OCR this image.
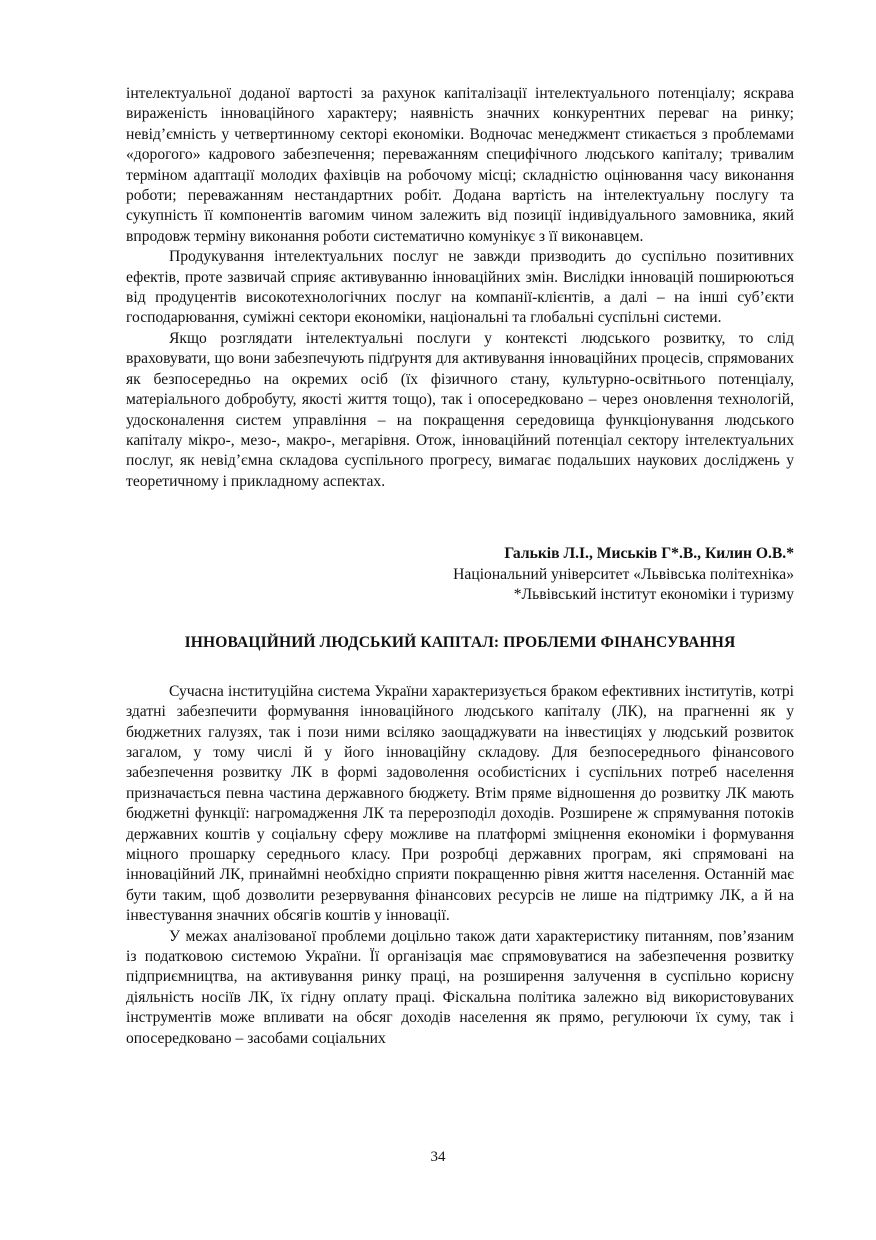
інтелектуальної доданої вартості за рахунок капіталізації інтелектуального потенціалу; яскрава вираженість інноваційного характеру; наявність значних конкурентних переваг на ринку; невід’ємність у четвертинному секторі економіки. Водночас менеджмент стикається з проблемами «дорогого» кадрового забезпечення; переважанням специфічного людського капіталу; тривалим терміном адаптації молодих фахівців на робочому місці; складністю оцінювання часу виконання роботи; переважанням нестандартних робіт. Додана вартість на інтелектуальну послугу та сукупність її компонентів вагомим чином залежить від позиції індивідуального замовника, який впродовж терміну виконання роботи систематично комунікує з її виконавцем.

Продукування інтелектуальних послуг не завжди призводить до суспільно позитивних ефектів, проте зазвичай сприяє активуванню інноваційних змін. Вислідки інновацій поширюються від продуцентів високотехнологічних послуг на компанії-клієнтів, а далі – на інші суб’єкти господарювання, суміжні сектори економіки, національні та глобальні суспільні системи.

Якщо розглядати інтелектуальні послуги у контексті людського розвитку, то слід враховувати, що вони забезпечують підґрунтя для активування інноваційних процесів, спрямованих як безпосередньо на окремих осіб (їх фізичного стану, культурно-освітнього потенціалу, матеріального добробуту, якості життя тощо), так і опосередковано – через оновлення технологій, удосконалення систем управління – на покращення середовища функціонування людського капіталу мікро-, мезо-, макро-, мегарівня. Отож, інноваційний потенціал сектору інтелектуальних послуг, як невід’ємна складова суспільного прогресу, вимагає подальших наукових досліджень у теоретичному і прикладному аспектах.

Гальків Л.І., Миськів Г*.В., Килин О.В.*

Національний університет «Львівська політехніка»

*Львівський інститут економіки і туризму

ІННОВАЦІЙНИЙ ЛЮДСЬКИЙ КАПІТАЛ: ПРОБЛЕМИ ФІНАНСУВАННЯ

Сучасна інституційна система України характеризується браком ефективних інститутів, котрі здатні забезпечити формування інноваційного людського капіталу (ЛК), на прагненні як у бюджетних галузях, так і пози ними всіляко заощаджувати на інвестиціях у людський розвиток загалом, у тому числі й у його інноваційну складову. Для безпосереднього фінансового забезпечення розвитку ЛК в формі задоволення особистісних і суспільних потреб населення призначається певна частина державного бюджету. Втім пряме відношення до розвитку ЛК мають бюджетні функції: нагромадження ЛК та перерозподіл доходів. Розширене ж спрямування потоків державних коштів у соціальну сферу можливе на платформі зміцнення економіки і формування міцного прошарку середнього класу. При розробці державних програм, які спрямовані на інноваційний ЛК, принаймні необхідно сприяти покращенню рівня життя населення. Останній має бути таким, щоб дозволити резервування фінансових ресурсів не лише на підтримку ЛК, а й на інвестування значних обсягів коштів у інновації.

У межах аналізованої проблеми доцільно також дати характеристику питанням, пов’язаним із податковою системою України. Її організація має спрямовуватися на забезпечення розвитку підприємництва, на активування ринку праці, на розширення залучення в суспільно корисну діяльність носіїв ЛК, їх гідну оплату праці. Фіскальна політика залежно від використовуваних інструментів може впливати на обсяг доходів населення як прямо, регулюючи їх суму, так і опосередковано – засобами соціальних

34
